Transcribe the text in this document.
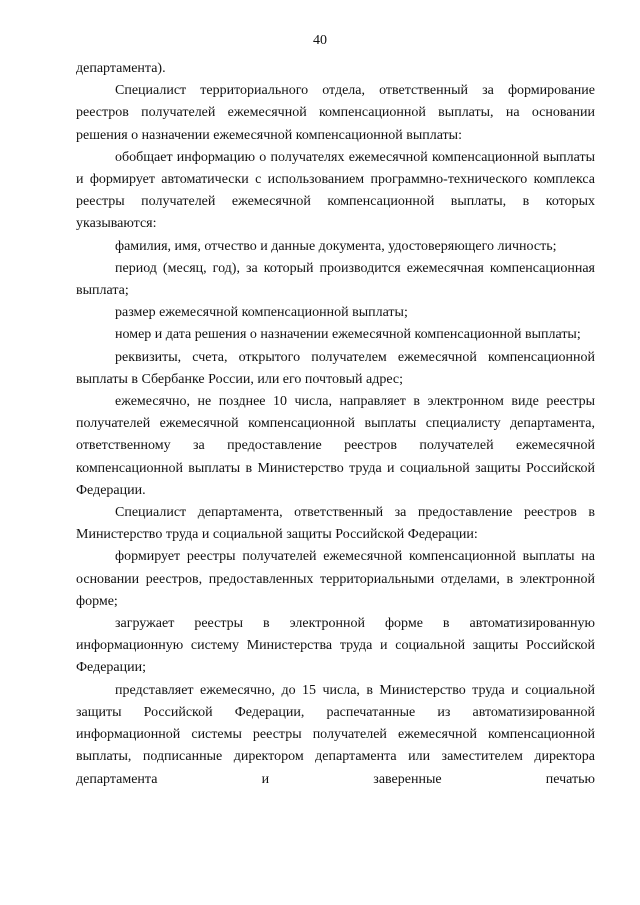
40

департамента).

Специалист территориального отдела, ответственный за формирование реестров получателей ежемесячной компенсационной выплаты, на основании решения о назначении ежемесячной компенсационной выплаты:

обобщает информацию о получателях ежемесячной компенсационной выплаты и формирует автоматически с использованием программно-технического комплекса реестры получателей ежемесячной компенсационной выплаты, в которых указываются:

фамилия, имя, отчество и данные документа, удостоверяющего личность;

период (месяц, год), за который производится ежемесячная компенсационная выплата;

размер ежемесячной компенсационной выплаты;

номер и дата решения о назначении ежемесячной компенсационной выплаты;

реквизиты, счета, открытого получателем ежемесячной компенсационной выплаты в Сбербанке России, или его почтовый адрес;

ежемесячно, не позднее 10 числа, направляет в электронном виде реестры получателей ежемесячной компенсационной выплаты специалисту департамента, ответственному за предоставление реестров получателей ежемесячной компенсационной выплаты в Министерство труда и социальной защиты Российской Федерации.

Специалист департамента, ответственный за предоставление реестров в Министерство труда и социальной защиты Российской Федерации:

формирует реестры получателей ежемесячной компенсационной выплаты на основании реестров, предоставленных территориальными отделами, в электронной форме;

загружает реестры в электронной форме в автоматизированную информационную систему Министерства труда и социальной защиты Российской Федерации;

представляет ежемесячно, до 15 числа, в Министерство труда и социальной защиты Российской Федерации, распечатанные из автоматизированной информационной системы реестры получателей ежемесячной компенсационной выплаты, подписанные директором департамента или заместителем директора департамента и заверенные печатью
